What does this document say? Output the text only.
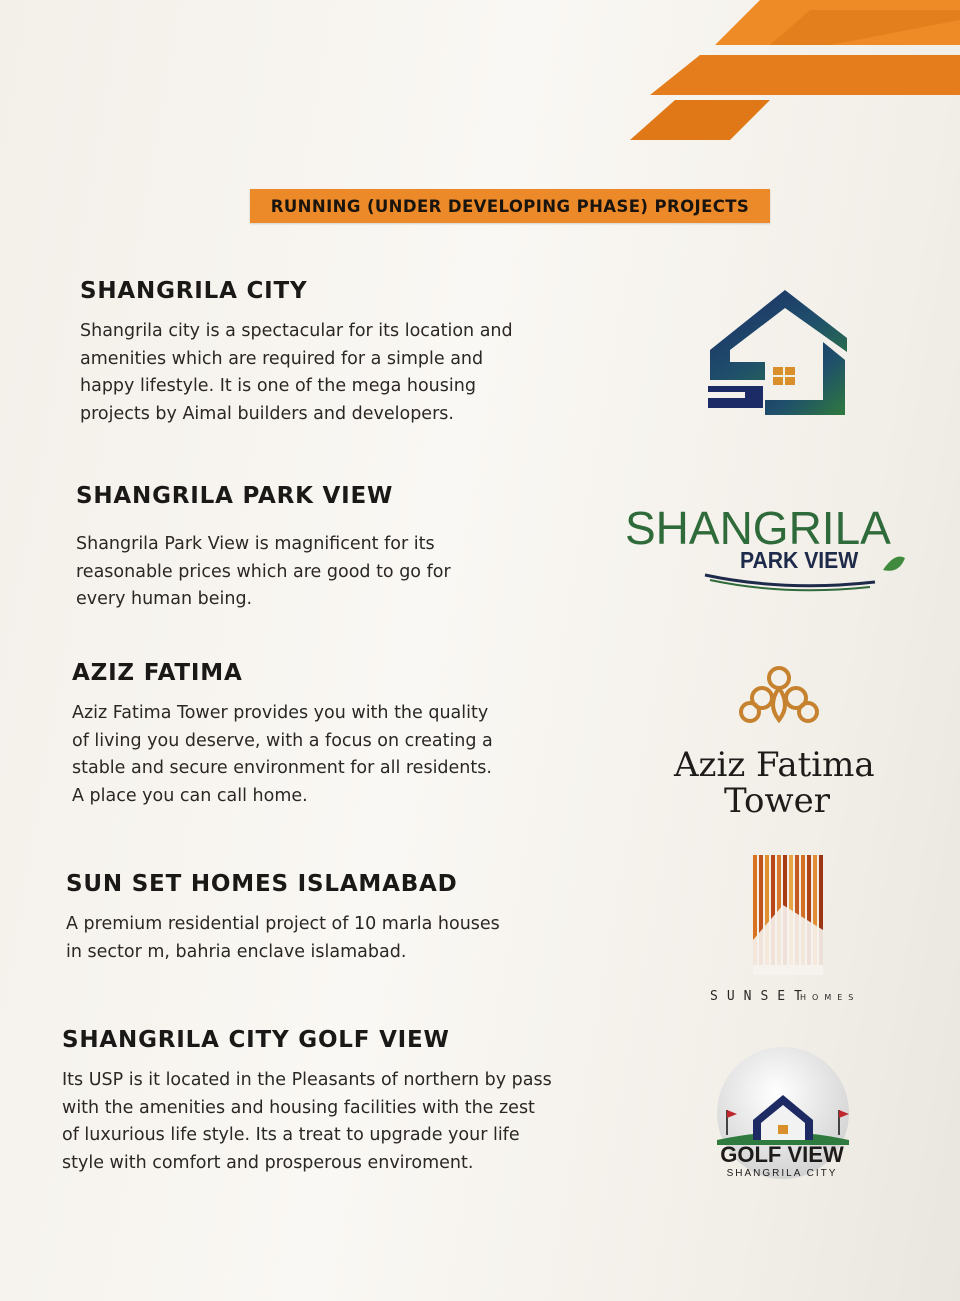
RUNNING (UNDER DEVELOPING PHASE) PROJECTS
SHANGRILA CITY

Shangrila city is a spectacular for its location and amenities which are required for a simple and happy lifestyle. It is one of the mega housing projects by Aimal builders and developers.

SHANGRILA PARK VIEW

Shangrila Park View is magnificent for its reasonable prices which are good to go for every human being.

AZIZ FATIMA

Aziz Fatima Tower provides you with the quality of living you deserve, with a focus on creating a stable and secure environment for all residents. A place you can call home.

SUN SET HOMES ISLAMABAD

A premium residential project of 10 marla houses in sector m, bahria enclave islamabad.

SHANGRILA CITY GOLF VIEW

Its USP is it located in the Pleasants of northern by pass with the amenities and housing facilities with the zest of luxurious life style. Its a treat to upgrade your life style with comfort and prosperous enviroment.

SHANGRILA
PARK VIEW
Aziz Fatima
Tower
SUNSET
HOMES
GOLF VIEW
SHANGRILA CITY
